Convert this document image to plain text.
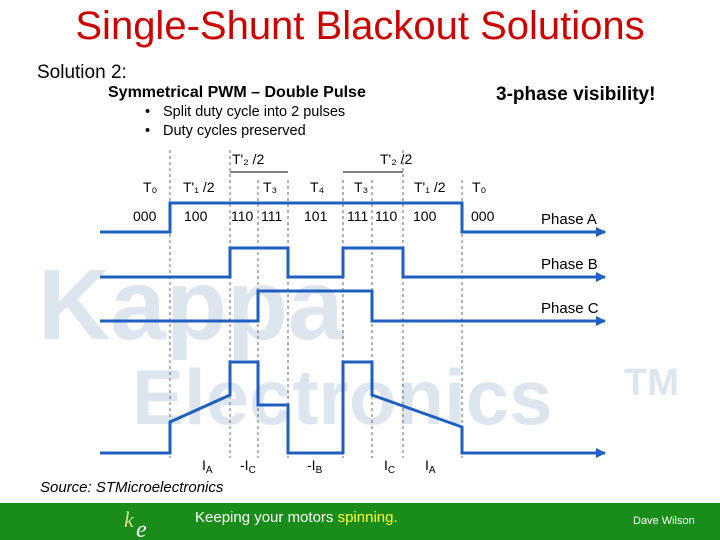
Kappa
Electronics TM
Single-Shunt Blackout Solutions
Solution 2:
Symmetrical PWM – Double Pulse	3-phase visibility!
• Split duty cycle into 2 pulses
• Duty cycles preserved
T'₂ /2	T'₂ /2
T₀ T'₁ /2	T₃ T₄ T₃	T'₁ /2 T₀
000 100 110 111 101 111 110 100 000	Phase A
Phase B
Phase C
$I_A$ $-I_C$	$-I_B$	$I_C$ $I_A$
Source: STMicroelectronics
k e	Keeping your motors spinning.	Dave Wilson
